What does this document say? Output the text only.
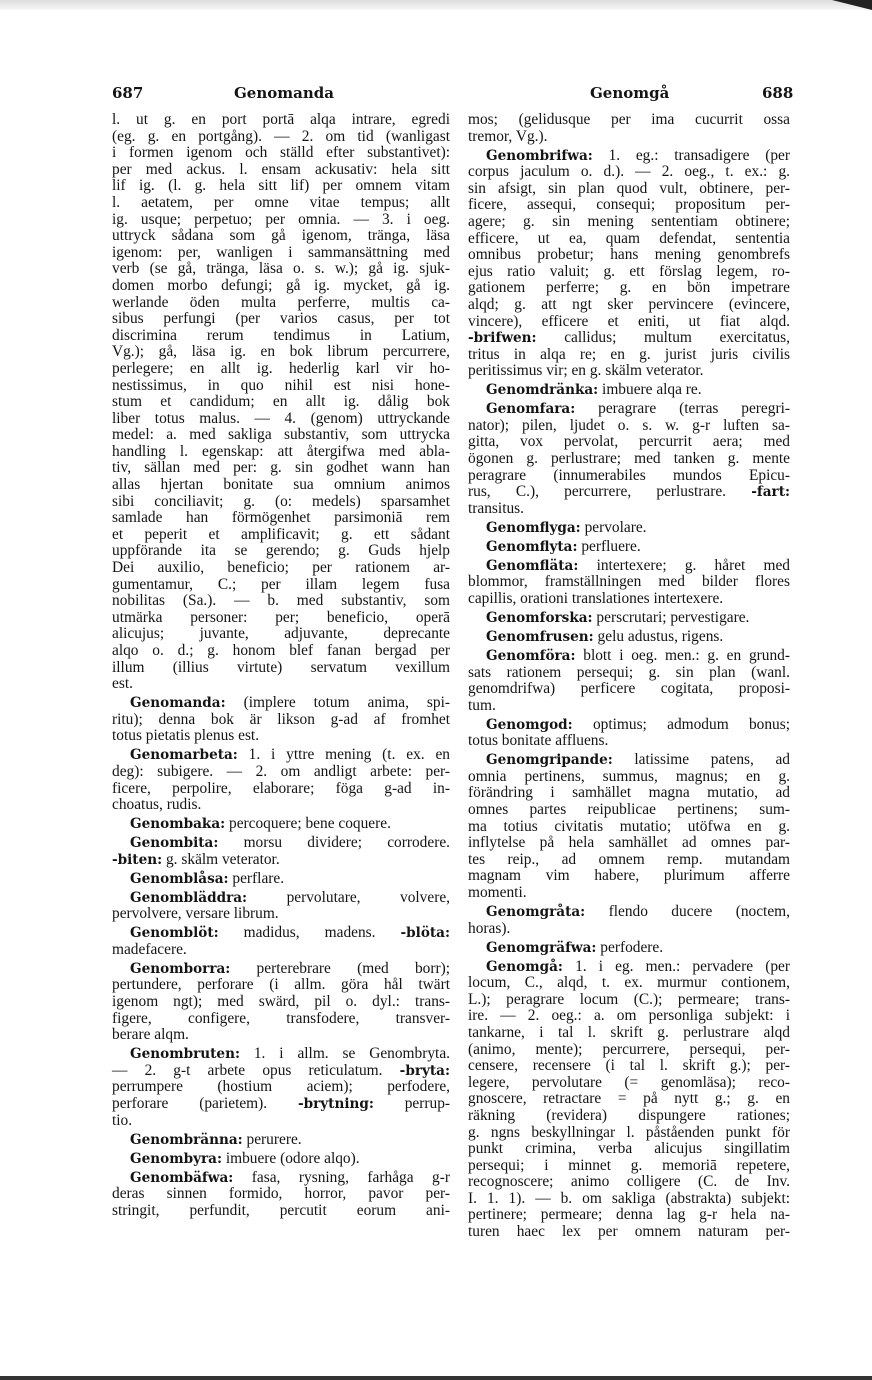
687	Genomanda	Genomgå	688
l. ut g. en port portā alqa intrare, egredi
(eg. g. en portgång). — 2. om tid (wanligast
i formen igenom och ställd efter substantivet):
per med ackus. l. ensam ackusativ: hela sitt
lif ig. (l. g. hela sitt lif) per omnem vitam
l. aetatem, per omne vitae tempus; allt
ig. usque; perpetuo; per omnia. — 3. i oeg.
uttryck sådana som gå igenom, tränga, läsa
igenom: per, wanligen i sammansättning med
verb (se gå, tränga, läsa o. s. w.); gå ig. sjuk-
domen morbo defungi; gå ig. mycket, gå ig.
werlande öden multa perferre, multis ca-
sibus perfungi (per varios casus, per tot
discrimina rerum tendimus in Latium,
Vg.); gå, läsa ig. en bok librum percurrere,
perlegere; en allt ig. hederlig karl vir ho-
nestissimus, in quo nihil est nisi hone-
stum et candidum; en allt ig. dålig bok
liber totus malus. — 4. (genom) uttryckande
medel: a. med sakliga substantiv, som uttrycka
handling l. egenskap: att återgifwa med abla-
tiv, sällan med per: g. sin godhet wann han
allas hjertan bonitate sua omnium animos
sibi conciliavit; g. (o: medels) sparsamhet
samlade han förmögenhet parsimoniā rem
et peperit et amplificavit; g. ett sådant
uppförande ita se gerendo; g. Guds hjelp
Dei auxilio, beneficio; per rationem ar-
gumentamur, C.; per illam legem fusa
nobilitas (Sa.). — b. med substantiv, som
utmärka personer: per; beneficio, operā
alicujus; juvante, adjuvante, deprecante
alqo o. d.; g. honom blef fanan bergad per
illum (illius virtute) servatum vexillum
est.
Genomanda: (implere totum anima, spi-
ritu); denna bok är likson g-ad af fromhet
totus pietatis plenus est.
Genomarbeta: 1. i yttre mening (t. ex. en
deg): subigere. — 2. om andligt arbete: per-
ficere, perpolire, elaborare; föga g-ad in-
choatus, rudis.
Genombaka: percoquere; bene coquere.
Genombita: morsu dividere; corrodere.
-biten: g. skälm veterator.
Genomblåsa: perflare.
Genombläddra: pervolutare, volvere,
pervolvere, versare librum.
Genomblöt: madidus, madens. -blöta:
madefacere.
Genomborra: perterebrare (med borr);
pertundere, perforare (i allm. göra hål twärt
igenom ngt); med swärd, pil o. dyl.: trans-
figere, configere, transfodere, transver-
berare alqm.
Genombruten: 1. i allm. se Genombryta.
— 2. g-t arbete opus reticulatum. -bryta:
perrumpere (hostium aciem); perfodere,
perforare (parietem). -brytning: perrup-
tio.
Genombränna: perurere.
Genombyra: imbuere (odore alqo).
Genombäfwa: fasa, rysning, farhåga g-r
deras sinnen formido, horror, pavor per-
stringit, perfundit, percutit eorum ani-
mos; (gelidusque per ima cucurrit ossa
tremor, Vg.).
Genombrifwa: 1. eg.: transadigere (per
corpus jaculum o. d.). — 2. oeg., t. ex.: g.
sin afsigt, sin plan quod vult, obtinere, per-
ficere, assequi, consequi; propositum per-
agere; g. sin mening sententiam obtinere;
efficere, ut ea, quam defendat, sententia
omnibus probetur; hans mening genombrefs
ejus ratio valuit; g. ett förslag legem, ro-
gationem perferre; g. en bön impetrare
alqd; g. att ngt sker pervincere (evincere,
vincere), efficere et eniti, ut fiat alqd.
-brifwen: callidus; multum exercitatus,
tritus in alqa re; en g. jurist juris civilis
peritissimus vir; en g. skälm veterator.
Genomdränka: imbuere alqa re.
Genomfara: peragrare (terras peregri-
nator); pilen, ljudet o. s. w. g-r luften sa-
gitta, vox pervolat, percurrit aera; med
ögonen g. perlustrare; med tanken g. mente
peragrare (innumerabiles mundos Epicu-
rus, C.), percurrere, perlustrare. -fart:
transitus.
Genomflyga: pervolare.
Genomflyta: perfluere.
Genomfläta: intertexere; g. håret med
blommor, framställningen med bilder flores
capillis, orationi translationes intertexere.
Genomforska: perscrutari; pervestigare.
Genomfrusen: gelu adustus, rigens.
Genomföra: blott i oeg. men.: g. en grund-
sats rationem persequi; g. sin plan (wanl.
genomdrifwa) perficere cogitata, proposi-
tum.
Genomgod: optimus; admodum bonus;
totus bonitate affluens.
Genomgripande: latissime patens, ad
omnia pertinens, summus, magnus; en g.
förändring i samhället magna mutatio, ad
omnes partes reipublicae pertinens; sum-
ma totius civitatis mutatio; utöfwa en g.
inflytelse på hela samhället ad omnes par-
tes reip., ad omnem remp. mutandam
magnam vim habere, plurimum afferre
momenti.
Genomgråta: flendo ducere (noctem,
horas).
Genomgräfwa: perfodere.
Genomgå: 1. i eg. men.: pervadere (per
locum, C., alqd, t. ex. murmur contionem,
L.); peragrare locum (C.); permeare; trans-
ire. — 2. oeg.: a. om personliga subjekt: i
tankarne, i tal l. skrift g. perlustrare alqd
(animo, mente); percurrere, persequi, per-
censere, recensere (i tal l. skrift g.); per-
legere, pervolutare (= genomläsa); reco-
gnoscere, retractare = på nytt g.; g. en
räkning (revidera) dispungere rationes;
g. ngns beskyllningar l. påståenden punkt för
punkt crimina, verba alicujus singillatim
persequi; i minnet g. memoriā repetere,
recognoscere; animo colligere (C. de Inv.
I. 1. 1). — b. om sakliga (abstrakta) subjekt:
pertinere; permeare; denna lag g-r hela na-
turen haec lex per omnem naturam per-
